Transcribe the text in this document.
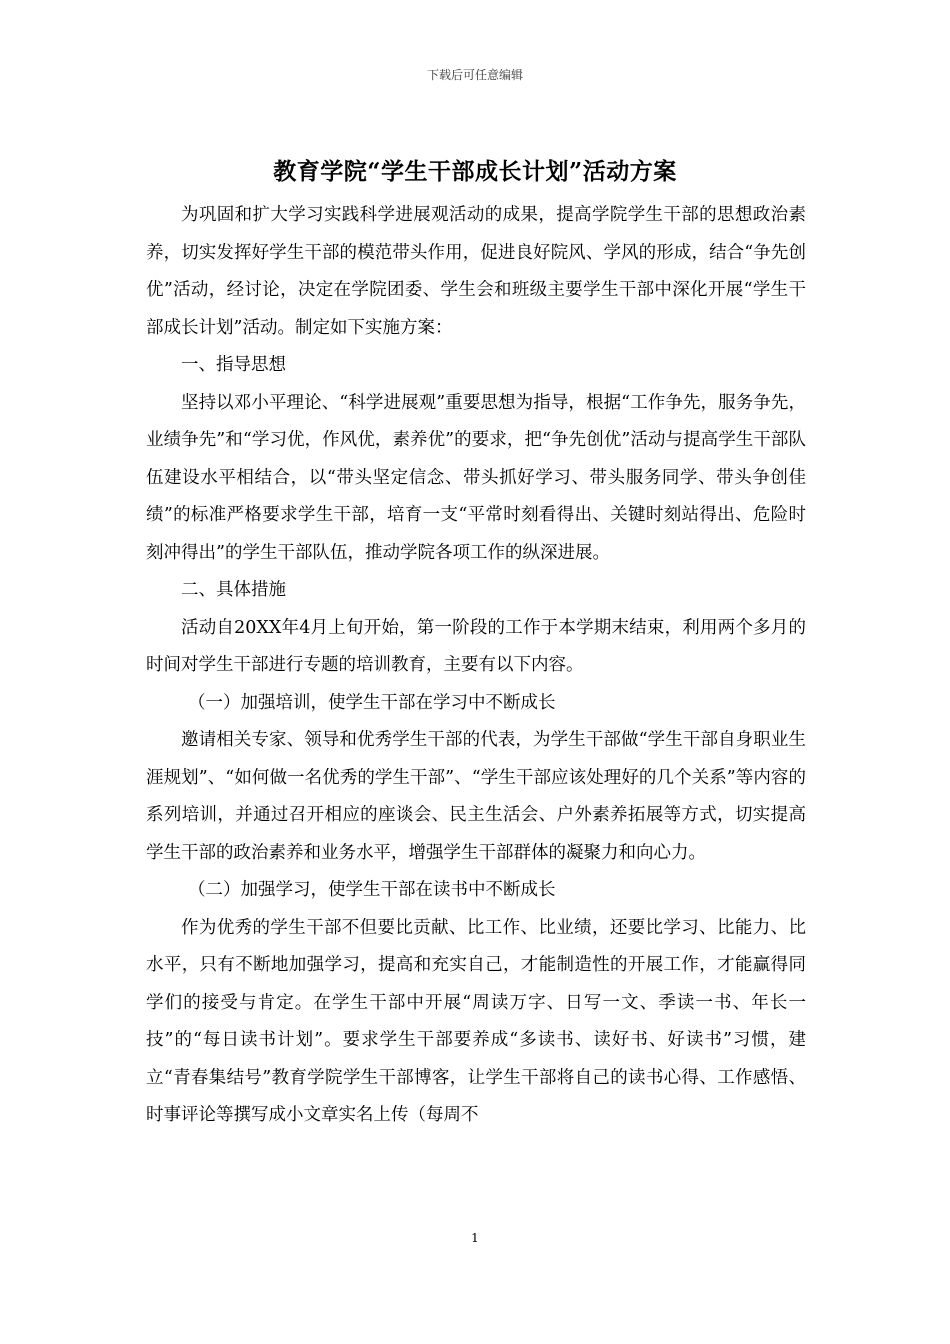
下载后可任意编辑
教育学院“学生干部成长计划”活动方案

为巩固和扩大学习实践科学进展观活动的成果，提高学院学生干部的思想政治素养，切实发挥好学生干部的模范带头作用，促进良好院风、学风的形成，结合“争先创优”活动，经讨论，决定在学院团委、学生会和班级主要学生干部中深化开展“学生干部成长计划”活动。制定如下实施方案：

一、指导思想

坚持以邓小平理论、“科学进展观”重要思想为指导，根据“工作争先，服务争先，业绩争先”和“学习优，作风优，素养优”的要求，把“争先创优”活动与提高学生干部队伍建设水平相结合，以“带头坚定信念、带头抓好学习、带头服务同学、带头争创佳绩”的标准严格要求学生干部，培育一支“平常时刻看得出、关键时刻站得出、危险时刻冲得出”的学生干部队伍，推动学院各项工作的纵深进展。

二、具体措施

活动自20XX年4月上旬开始，第一阶段的工作于本学期末结束，利用两个多月的时间对学生干部进行专题的培训教育，主要有以下内容。

（一）加强培训，使学生干部在学习中不断成长

邀请相关专家、领导和优秀学生干部的代表，为学生干部做“学生干部自身职业生涯规划”、“如何做一名优秀的学生干部”、“学生干部应该处理好的几个关系”等内容的系列培训，并通过召开相应的座谈会、民主生活会、户外素养拓展等方式，切实提高学生干部的政治素养和业务水平，增强学生干部群体的凝聚力和向心力。

（二）加强学习，使学生干部在读书中不断成长

作为优秀的学生干部不但要比贡献、比工作、比业绩，还要比学习、比能力、比水平，只有不断地加强学习，提高和充实自己，才能制造性的开展工作，才能赢得同学们的接受与肯定。在学生干部中开展“周读万字、日写一文、季读一书、年长一技”的“每日读书计划”。要求学生干部要养成“多读书、读好书、好读书”习惯，建立“青春集结号”教育学院学生干部博客，让学生干部将自己的读书心得、工作感悟、时事评论等撰写成小文章实名上传（每周不

1
